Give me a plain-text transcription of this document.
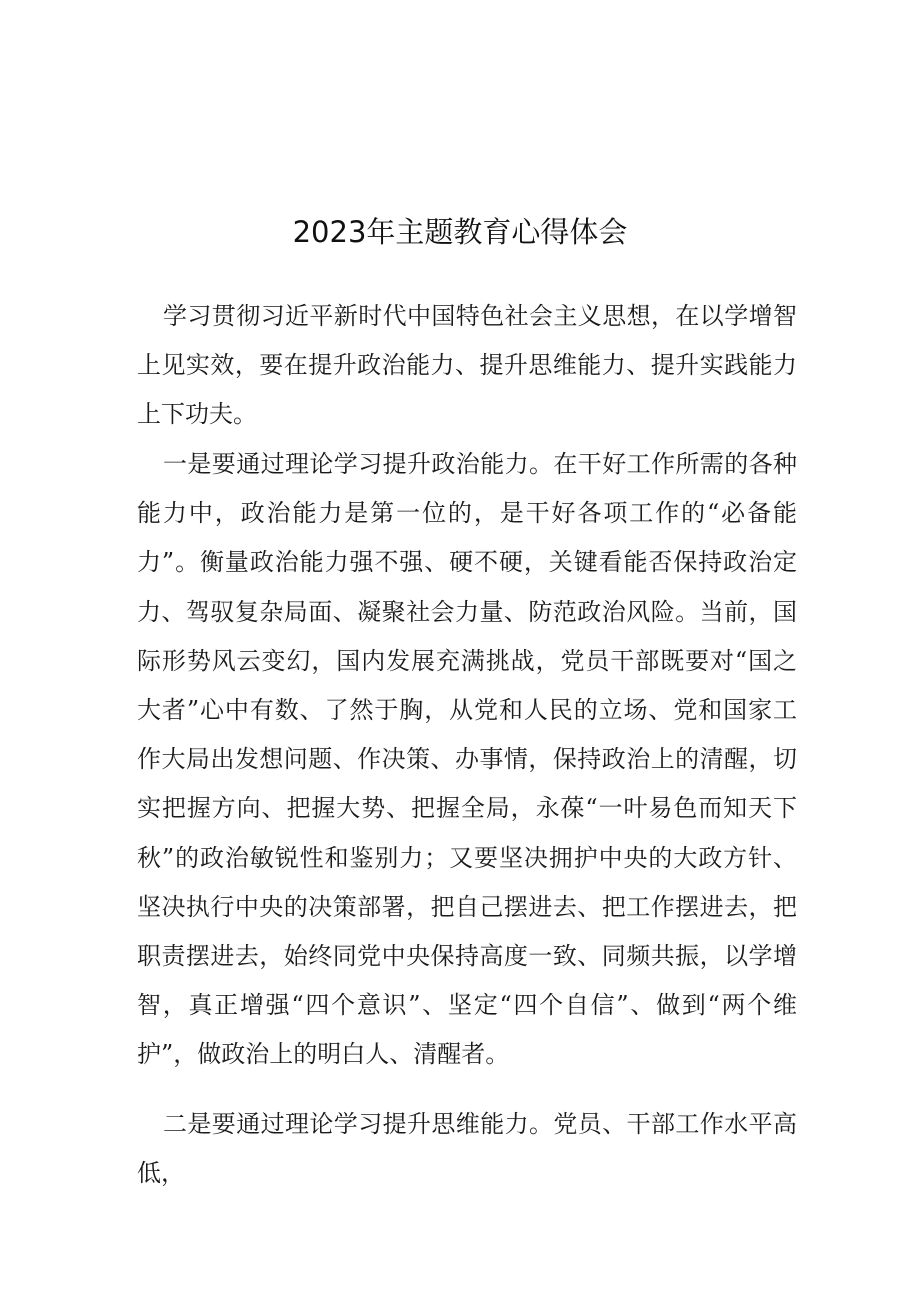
2023年主题教育心得体会

学习贯彻习近平新时代中国特色社会主义思想，在以学增智上见实效，要在提升政治能力、提升思维能力、提升实践能力上下功夫。

一是要通过理论学习提升政治能力。在干好工作所需的各种能力中，政治能力是第一位的，是干好各项工作的“必备能力”。衡量政治能力强不强、硬不硬，关键看能否保持政治定力、驾驭复杂局面、凝聚社会力量、防范政治风险。当前，国际形势风云变幻，国内发展充满挑战，党员干部既要对“国之大者”心中有数、了然于胸，从党和人民的立场、党和国家工作大局出发想问题、作决策、办事情，保持政治上的清醒，切实把握方向、把握大势、把握全局，永葆“一叶易色而知天下秋”的政治敏锐性和鉴别力；又要坚决拥护中央的大政方针、坚决执行中央的决策部署，把自己摆进去、把工作摆进去，把职责摆进去，始终同党中央保持高度一致、同频共振，以学增智，真正增强“四个意识”、坚定“四个自信”、做到“两个维护”，做政治上的明白人、清醒者。

二是要通过理论学习提升思维能力。党员、干部工作水平高低，
